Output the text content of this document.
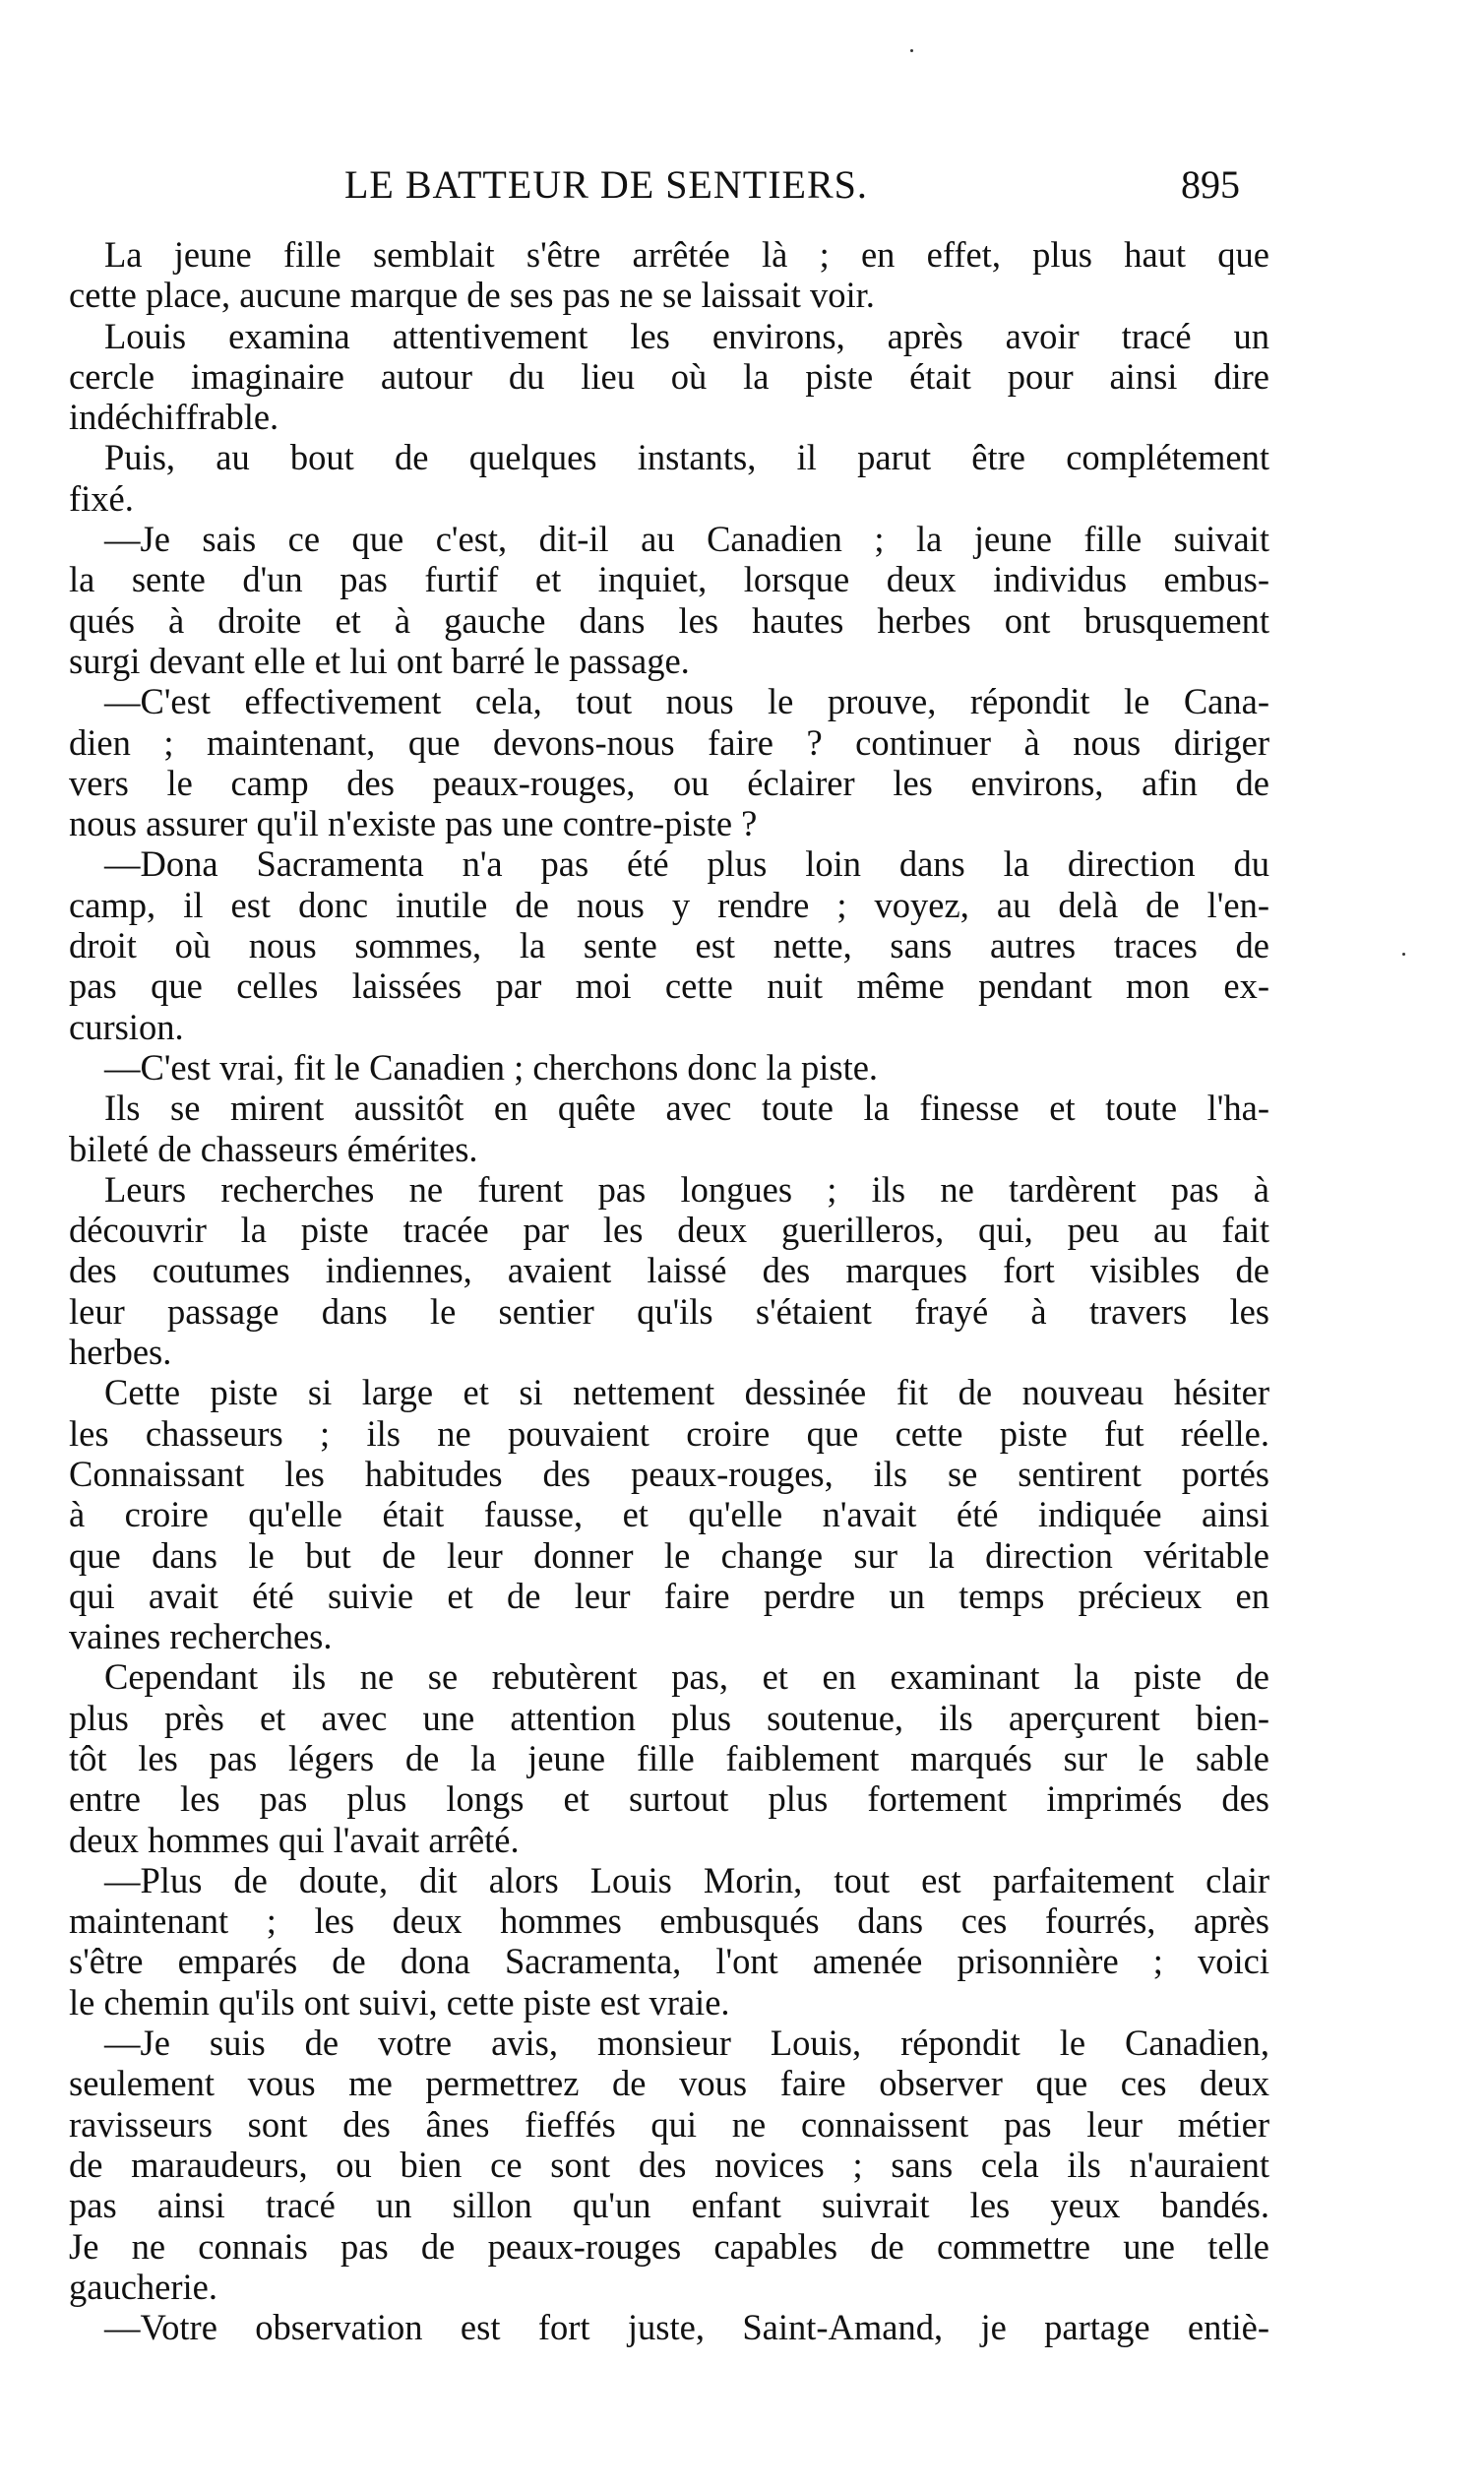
LE BATTEUR DE SENTIERS.	895
La jeune fille semblait s'être arrêtée là ; en effet, plus haut que
cette place, aucune marque de ses pas ne se laissait voir.
Louis examina attentivement les environs, après avoir tracé un
cercle imaginaire autour du lieu où la piste était pour ainsi dire
indéchiffrable.
Puis, au bout de quelques instants, il parut être complétement
fixé.
—Je sais ce que c'est, dit-il au Canadien ; la jeune fille suivait
la sente d'un pas furtif et inquiet, lorsque deux individus embus-
qués à droite et à gauche dans les hautes herbes ont brusquement
surgi devant elle et lui ont barré le passage.
—C'est effectivement cela, tout nous le prouve, répondit le Cana-
dien ; maintenant, que devons-nous faire ? continuer à nous diriger
vers le camp des peaux-rouges, ou éclairer les environs, afin de
nous assurer qu'il n'existe pas une contre-piste ?
—Dona Sacramenta n'a pas été plus loin dans la direction du
camp, il est donc inutile de nous y rendre ; voyez, au delà de l'en-
droit où nous sommes, la sente est nette, sans autres traces de
pas que celles laissées par moi cette nuit même pendant mon ex-
cursion.
—C'est vrai, fit le Canadien ; cherchons donc la piste.
Ils se mirent aussitôt en quête avec toute la finesse et toute l'ha-
bileté de chasseurs émérites.
Leurs recherches ne furent pas longues ; ils ne tardèrent pas à
découvrir la piste tracée par les deux guerilleros, qui, peu au fait
des coutumes indiennes, avaient laissé des marques fort visibles de
leur passage dans le sentier qu'ils s'étaient frayé à travers les
herbes.
Cette piste si large et si nettement dessinée fit de nouveau hésiter
les chasseurs ; ils ne pouvaient croire que cette piste fut réelle.
Connaissant les habitudes des peaux-rouges, ils se sentirent portés
à croire qu'elle était fausse, et qu'elle n'avait été indiquée ainsi
que dans le but de leur donner le change sur la direction véritable
qui avait été suivie et de leur faire perdre un temps précieux en
vaines recherches.
Cependant ils ne se rebutèrent pas, et en examinant la piste de
plus près et avec une attention plus soutenue, ils aperçurent bien-
tôt les pas légers de la jeune fille faiblement marqués sur le sable
entre les pas plus longs et surtout plus fortement imprimés des
deux hommes qui l'avait arrêté.
—Plus de doute, dit alors Louis Morin, tout est parfaitement clair
maintenant ; les deux hommes embusqués dans ces fourrés, après
s'être emparés de dona Sacramenta, l'ont amenée prisonnière ; voici
le chemin qu'ils ont suivi, cette piste est vraie.
—Je suis de votre avis, monsieur Louis, répondit le Canadien,
seulement vous me permettrez de vous faire observer que ces deux
ravisseurs sont des ânes fieffés qui ne connaissent pas leur métier
de maraudeurs, ou bien ce sont des novices ; sans cela ils n'auraient
pas ainsi tracé un sillon qu'un enfant suivrait les yeux bandés.
Je ne connais pas de peaux-rouges capables de commettre une telle
gaucherie.
—Votre observation est fort juste, Saint-Amand, je partage entiè-
